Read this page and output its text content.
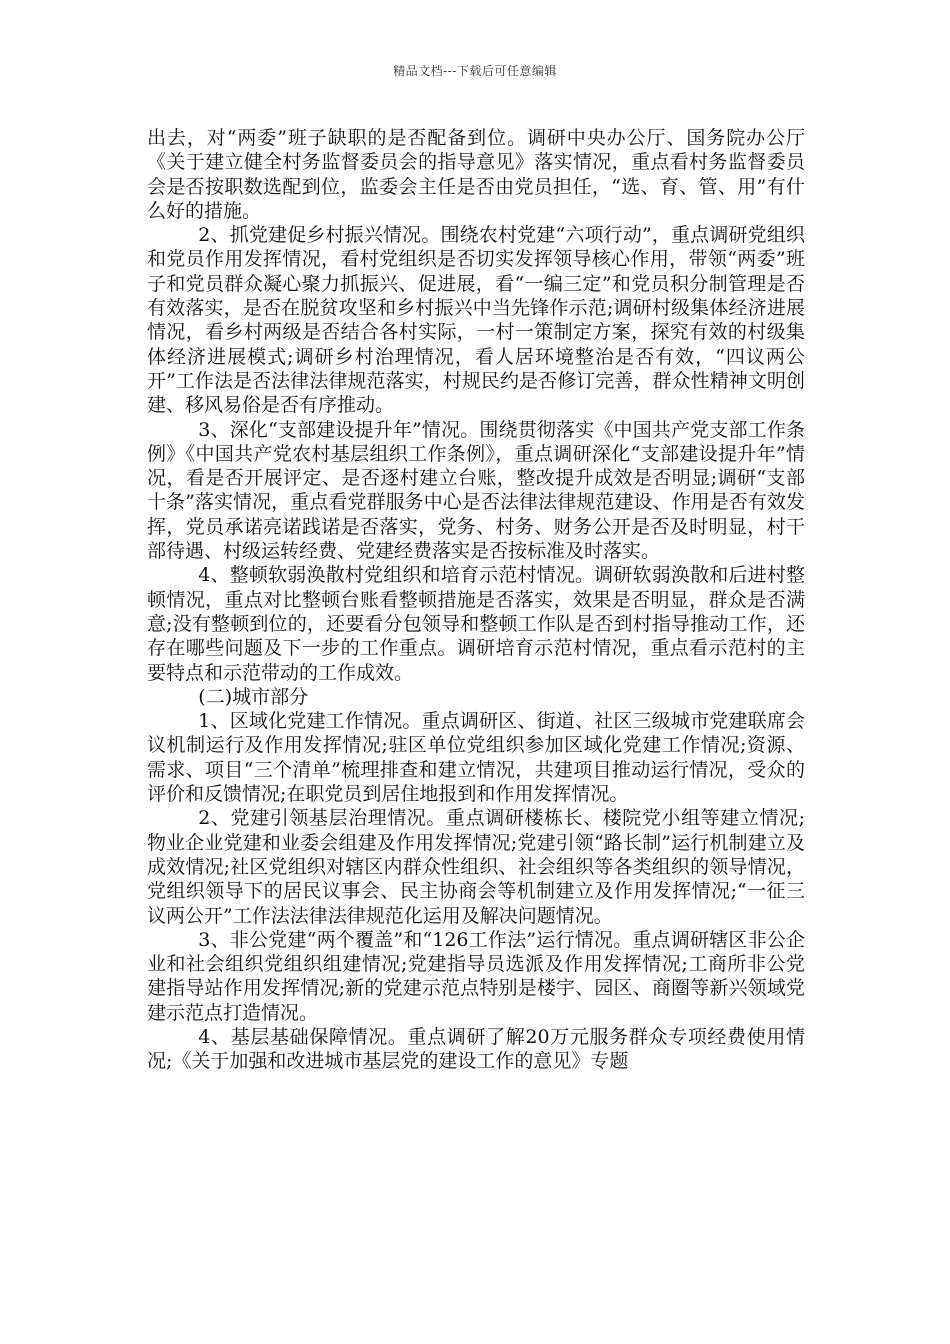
精品文档---下载后可任意编辑

出去，对“两委”班子缺职的是否配备到位。调研中央办公厅、国务院办公厅《关于建立健全村务监督委员会的指导意见》落实情况，重点看村务监督委员会是否按职数选配到位，监委会主任是否由党员担任，“选、育、管、用”有什么好的措施。

2、抓党建促乡村振兴情况。围绕农村党建“六项行动”，重点调研党组织和党员作用发挥情况，看村党组织是否切实发挥领导核心作用，带领“两委”班子和党员群众凝心聚力抓振兴、促进展，看“一编三定”和党员积分制管理是否有效落实，是否在脱贫攻坚和乡村振兴中当先锋作示范;调研村级集体经济进展情况，看乡村两级是否结合各村实际，一村一策制定方案，探究有效的村级集体经济进展模式;调研乡村治理情况，看人居环境整治是否有效，“四议两公开”工作法是否法律法律规范落实，村规民约是否修订完善，群众性精神文明创建、移风易俗是否有序推动。

3、深化“支部建设提升年”情况。围绕贯彻落实《中国共产党支部工作条例》《中国共产党农村基层组织工作条例》，重点调研深化“支部建设提升年”情况，看是否开展评定、是否逐村建立台账，整改提升成效是否明显;调研“支部十条”落实情况，重点看党群服务中心是否法律法律规范建设、作用是否有效发挥，党员承诺亮诺践诺是否落实，党务、村务、财务公开是否及时明显，村干部待遇、村级运转经费、党建经费落实是否按标准及时落实。

4、整顿软弱涣散村党组织和培育示范村情况。调研软弱涣散和后进村整顿情况，重点对比整顿台账看整顿措施是否落实，效果是否明显，群众是否满意;没有整顿到位的，还要看分包领导和整顿工作队是否到村指导推动工作，还存在哪些问题及下一步的工作重点。调研培育示范村情况，重点看示范村的主要特点和示范带动的工作成效。

(二)城市部分

1、区域化党建工作情况。重点调研区、街道、社区三级城市党建联席会议机制运行及作用发挥情况;驻区单位党组织参加区域化党建工作情况;资源、需求、项目“三个清单”梳理排查和建立情况，共建项目推动运行情况，受众的评价和反馈情况;在职党员到居住地报到和作用发挥情况。

2、党建引领基层治理情况。重点调研楼栋长、楼院党小组等建立情况;物业企业党建和业委会组建及作用发挥情况;党建引领“路长制”运行机制建立及成效情况;社区党组织对辖区内群众性组织、社会组织等各类组织的领导情况，党组织领导下的居民议事会、民主协商会等机制建立及作用发挥情况;“一征三议两公开”工作法法律法律规范化运用及解决问题情况。

3、非公党建“两个覆盖”和“126工作法”运行情况。重点调研辖区非公企业和社会组织党组织组建情况;党建指导员选派及作用发挥情况;工商所非公党建指导站作用发挥情况;新的党建示范点特别是楼宇、园区、商圈等新兴领域党建示范点打造情况。

4、基层基础保障情况。重点调研了解20万元服务群众专项经费使用情况;《关于加强和改进城市基层党的建设工作的意见》专题
